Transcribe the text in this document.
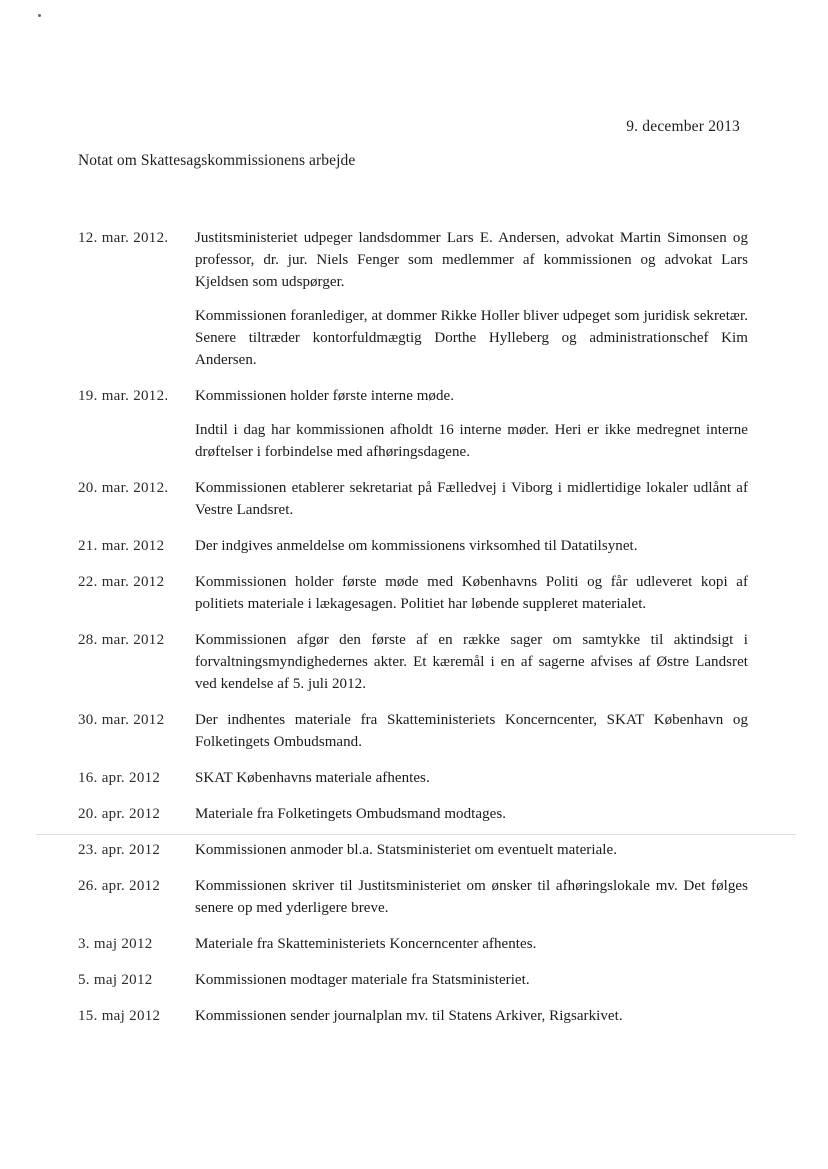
9. december 2013
Notat om Skattesagskommissionens arbejde
12. mar. 2012.	Justitsministeriet udpeger landsdommer Lars E. Andersen, advokat Martin Simonsen og professor, dr. jur. Niels Fenger som medlemmer af kommissionen og advokat Lars Kjeldsen som udspørger.

Kommissionen foranlediger, at dommer Rikke Holler bliver udpeget som juridisk sekretær. Senere tiltræder kontorfuldmægtig Dorthe Hylleberg og administrationschef Kim Andersen.

19. mar. 2012.	Kommissionen holder første interne møde.

Indtil i dag har kommissionen afholdt 16 interne møder. Heri er ikke medregnet interne drøftelser i forbindelse med afhøringsdagene.

20. mar. 2012.	Kommissionen etablerer sekretariat på Fælledvej i Viborg i midlertidige lokaler udlånt af Vestre Landsret.

21. mar. 2012	Der indgives anmeldelse om kommissionens virksomhed til Datatilsynet.

22. mar. 2012	Kommissionen holder første møde med Københavns Politi og får udleveret kopi af politiets materiale i lækagesagen. Politiet har løbende suppleret materialet.

28. mar. 2012	Kommissionen afgør den første af en række sager om samtykke til aktindsigt i forvaltningsmyndighedernes akter. Et kæremål i en af sagerne afvises af Østre Landsret ved kendelse af 5. juli 2012.

30. mar. 2012	Der indhentes materiale fra Skatteministeriets Koncerncenter, SKAT København og Folketingets Ombudsmand.

16. apr. 2012	SKAT Københavns materiale afhentes.

20. apr. 2012	Materiale fra Folketingets Ombudsmand modtages.

23. apr. 2012	Kommissionen anmoder bl.a. Statsministeriet om eventuelt materiale.

26. apr. 2012	Kommissionen skriver til Justitsministeriet om ønsker til afhøringslokale mv. Det følges senere op med yderligere breve.

3. maj 2012	Materiale fra Skatteministeriets Koncerncenter afhentes.

5. maj 2012	Kommissionen modtager materiale fra Statsministeriet.

15. maj 2012	Kommissionen sender journalplan mv. til Statens Arkiver, Rigsarkivet.
